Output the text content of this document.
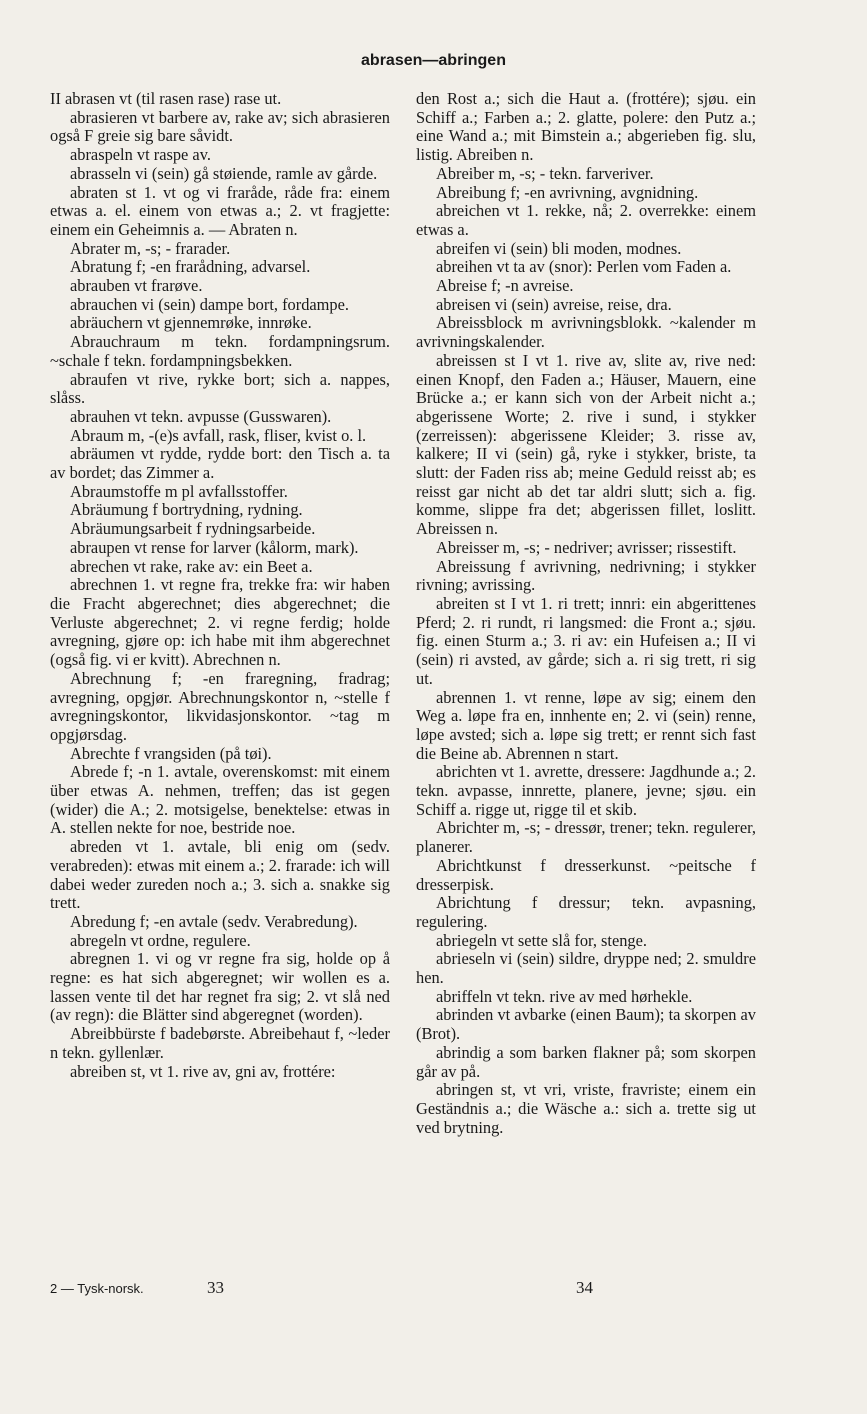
abrasen—abringen

II abrasen vt (til rasen rase) rase ut.

abrasieren vt barbere av, rake av; sich abrasieren også F greie sig bare såvidt.

abraspeln vt raspe av.

abrasseln vi (sein) gå støiende, ramle av gårde.

abraten st 1. vt og vi fraråde, råde fra: einem etwas a. el. einem von etwas a.; 2. vt fragjette: einem ein Geheimnis a. — Abraten n.

Abrater m, -s; - frarader.

Abratung f; -en frarådning, advarsel.

abrauben vt frarøve.

abrauchen vi (sein) dampe bort, fordampe.

abräuchern vt gjennemrøke, innrøke.

Abrauchraum m tekn. fordampningsrum. ~schale f tekn. fordampningsbekken.

abraufen vt rive, rykke bort; sich a. nappes, slåss.

abrauhen vt tekn. avpusse (Gusswaren).

Abraum m, -(e)s avfall, rask, fliser, kvist o. l.

abräumen vt rydde, rydde bort: den Tisch a. ta av bordet; das Zimmer a.

Abraumstoffe m pl avfallsstoffer.

Abräumung f bortrydning, rydning.

Abräumungsarbeit f rydningsarbeide.

abraupen vt rense for larver (kålorm, mark).

abrechen vt rake, rake av: ein Beet a.

abrechnen 1. vt regne fra, trekke fra: wir haben die Fracht abgerechnet; dies abgerechnet; die Verluste abgerechnet; 2. vi regne ferdig; holde avregning, gjøre op: ich habe mit ihm abgerechnet (også fig. vi er kvitt). Abrechnen n.

Abrechnung f; -en fraregning, fradrag; avregning, opgjør. Abrechnungskontor n, ~stelle f avregningskontor, likvidasjonskontor. ~tag m opgjørsdag.

Abrechte f vrangsiden (på tøi).

Abrede f; -n 1. avtale, overenskomst: mit einem über etwas A. nehmen, treffen; das ist gegen (wider) die A.; 2. motsigelse, benektelse: etwas in A. stellen nekte for noe, bestride noe.

abreden vt 1. avtale, bli enig om (sedv. verabreden): etwas mit einem a.; 2. frarade: ich will dabei weder zureden noch a.; 3. sich a. snakke sig trett.

Abredung f; -en avtale (sedv. Verabredung).

abregeln vt ordne, regulere.

abregnen 1. vi og vr regne fra sig, holde op å regne: es hat sich abgeregnet; wir wollen es a. lassen vente til det har regnet fra sig; 2. vt slå ned (av regn): die Blätter sind abgeregnet (worden).

Abreibbürste f badebørste. Abreibehaut f, ~leder n tekn. gyllenlær.

abreiben st, vt 1. rive av, gni av, frottére:

den Rost a.; sich die Haut a. (frottére); sjøu. ein Schiff a.; Farben a.; 2. glatte, polere: den Putz a.; eine Wand a.; mit Bimstein a.; abgerieben fig. slu, listig. Abreiben n.

Abreiber m, -s; - tekn. farveriver.

Abreibung f; -en avrivning, avgnidning.

abreichen vt 1. rekke, nå; 2. overrekke: einem etwas a.

abreifen vi (sein) bli moden, modnes.

abreihen vt ta av (snor): Perlen vom Faden a.

Abreise f; -n avreise.

abreisen vi (sein) avreise, reise, dra.

Abreissblock m avrivningsblokk. ~kalender m avrivningskalender.

abreissen st I vt 1. rive av, slite av, rive ned: einen Knopf, den Faden a.; Häuser, Mauern, eine Brücke a.; er kann sich von der Arbeit nicht a.; abgerissene Worte; 2. rive i sund, i stykker (zerreissen): abgerissene Kleider; 3. risse av, kalkere; II vi (sein) gå, ryke i stykker, briste, ta slutt: der Faden riss ab; meine Geduld reisst ab; es reisst gar nicht ab det tar aldri slutt; sich a. fig. komme, slippe fra det; abgerissen fillet, loslitt. Abreissen n.

Abreisser m, -s; - nedriver; avrisser; rissestift.

Abreissung f avrivning, nedrivning; i stykker rivning; avrissing.

abreiten st I vt 1. ri trett; innri: ein abgerittenes Pferd; 2. ri rundt, ri langsmed: die Front a.; sjøu. fig. einen Sturm a.; 3. ri av: ein Hufeisen a.; II vi (sein) ri avsted, av gårde; sich a. ri sig trett, ri sig ut.

abrennen 1. vt renne, løpe av sig; einem den Weg a. løpe fra en, innhente en; 2. vi (sein) renne, løpe avsted; sich a. løpe sig trett; er rennt sich fast die Beine ab. Abrennen n start.

abrichten vt 1. avrette, dressere: Jagdhunde a.; 2. tekn. avpasse, innrette, planere, jevne; sjøu. ein Schiff a. rigge ut, rigge til et skib.

Abrichter m, -s; - dressør, trener; tekn. regulerer, planerer.

Abrichtkunst f dresserkunst. ~peitsche f dresserpisk.

Abrichtung f dressur; tekn. avpasning, regulering.

abriegeln vt sette slå for, stenge.

abrieseln vi (sein) sildre, dryppe ned; 2. smuldre hen.

abriffeln vt tekn. rive av med hørhekle.

abrinden vt avbarke (einen Baum); ta skorpen av (Brot).

abrindig a som barken flakner på; som skorpen går av på.

abringen st, vt vri, vriste, fravriste; einem ein Geständnis a.; die Wäsche a.: sich a. trette sig ut ved brytning.

2 — Tysk-norsk.	33	34
